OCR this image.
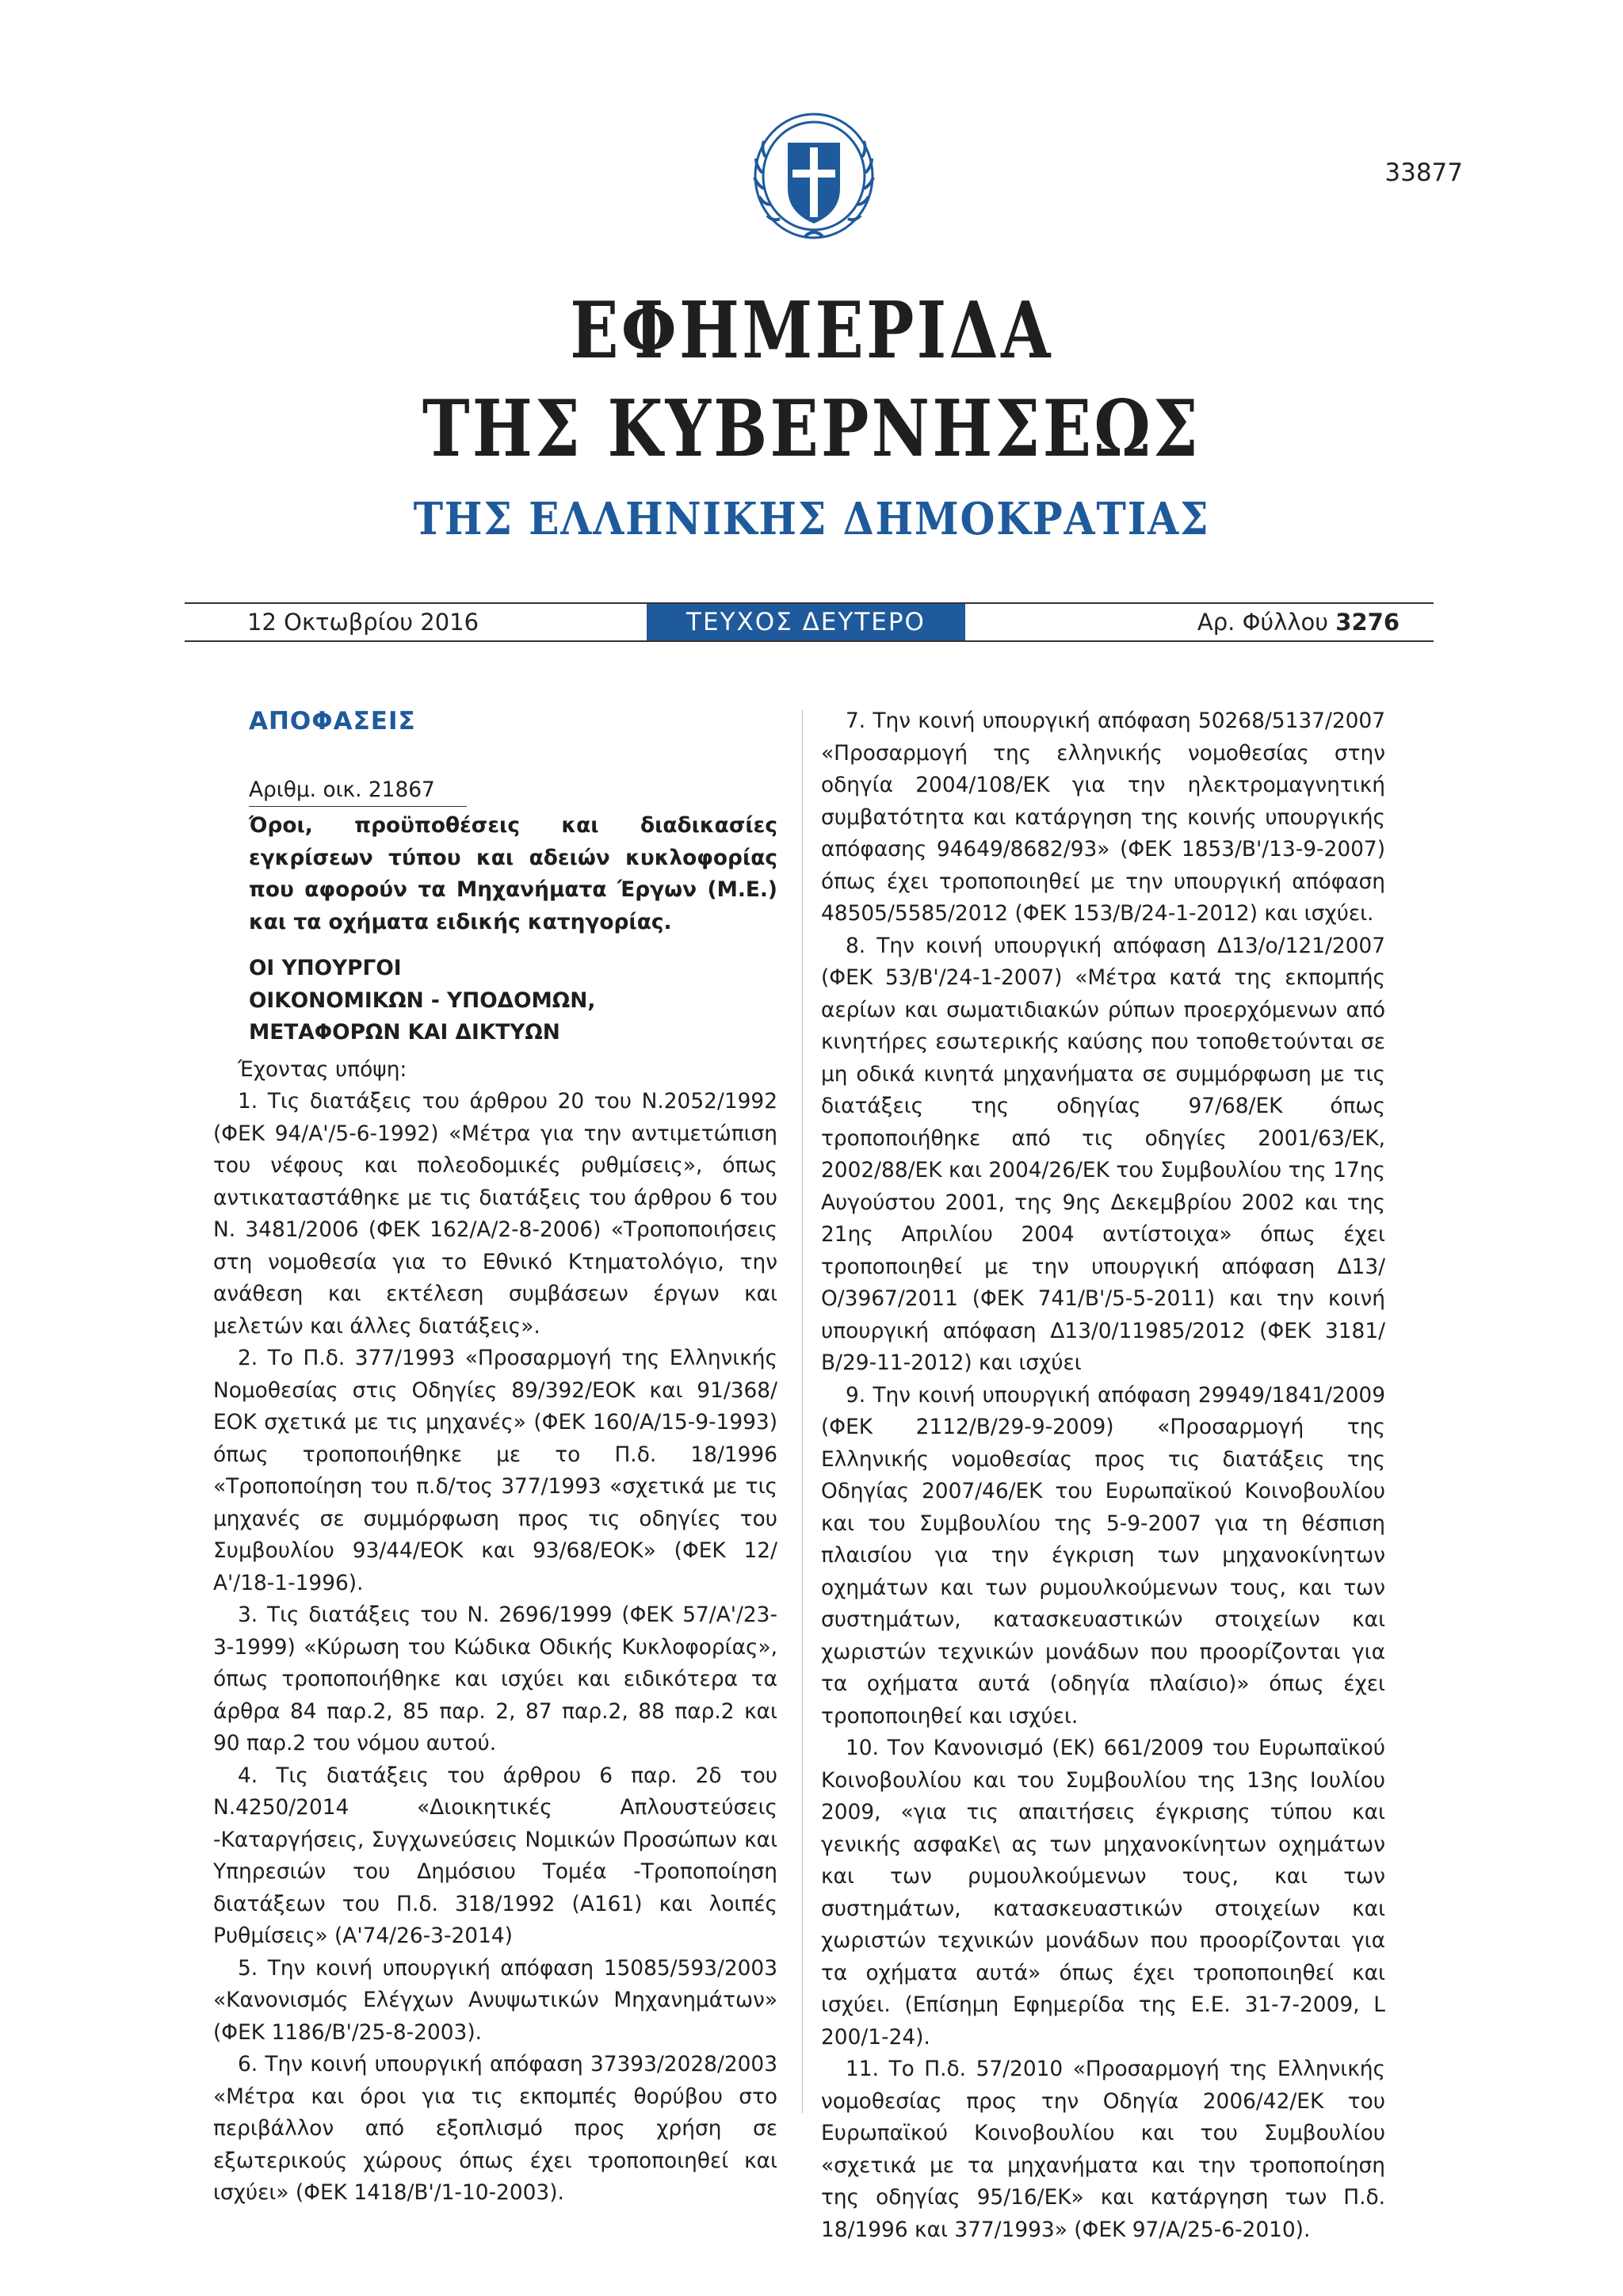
33877
ΕΦΗΜΕΡΙΔΑ
ΤΗΣ ΚΥΒΕΡΝΗΣΕΩΣ
ΤΗΣ ΕΛΛΗΝΙΚΗΣ ΔΗΜΟΚΡΑΤΙΑΣ
12 Οκτωβρίου 2016	ΤΕΥΧΟΣ ΔΕΥΤΕΡΟ	Αρ. Φύλλου 3276
ΑΠΟΦΑΣΕΙΣ
Αριθμ. οικ. 21867
Όροι, προϋποθέσεις και διαδικασίες εγκρίσεων τύπου και αδειών κυκλοφορίας που αφορούν τα Μηχανήματα Έργων (Μ.Ε.) και τα οχήματα ειδικής κατηγορίας.
ΟΙ ΥΠΟΥΡΓΟΙ
ΟΙΚΟΝΟΜΙΚΩΝ - ΥΠΟΔΟΜΩΝ,
ΜΕΤΑΦΟΡΩΝ ΚΑΙ ΔΙΚΤΥΩΝ

Έχοντας υπόψη:

1. Τις διατάξεις του άρθρου 20 του Ν.2052/1992 (ΦΕΚ 94/Α'/5-6-1992) «Μέτρα για την αντιμετώπιση του νέφους και πολεοδομικές ρυθμίσεις», όπως αντικαταστάθηκε με τις διατάξεις του άρθρου 6 του Ν. 3481/2006 (ΦΕΚ 162/Α/2-8-2006) «Τροποποιήσεις στη νομοθεσία για το Εθνικό Κτηματολόγιο, την ανάθεση και εκτέλεση συμβάσεων έργων και μελετών και άλλες διατάξεις».

2. Το Π.δ. 377/1993 «Προσαρμογή της Ελληνικής Νομοθεσίας στις Οδηγίες 89/392/ΕΟΚ και 91/368/ΕΟΚ σχετικά με τις μηχανές» (ΦΕΚ 160/Α/15-9-1993) όπως τροποποιήθηκε με το Π.δ. 18/1996 «Τροποποίηση του π.δ/τος 377/1993 «σχετικά με τις μηχανές σε συμμόρφωση προς τις οδηγίες του Συμβουλίου 93/44/ΕΟΚ και 93/68/ΕΟΚ» (ΦΕΚ 12/Α'/18-1-1996).

3. Τις διατάξεις του Ν. 2696/1999 (ΦΕΚ 57/Α'/23-3-1999) «Κύρωση του Κώδικα Οδικής Κυκλοφορίας», όπως τροποποιήθηκε και ισχύει και ειδικότερα τα άρθρα 84 παρ.2, 85 παρ. 2, 87 παρ.2, 88 παρ.2 και 90 παρ.2 του νόμου αυτού.

4. Τις διατάξεις του άρθρου 6 παρ. 2δ του Ν.4250/2014 «Διοικητικές Απλουστεύσεις -Καταργήσεις, Συγχωνεύσεις Νομικών Προσώπων και Υπηρεσιών του Δημόσιου Τομέα -Τροποποίηση διατάξεων του Π.δ. 318/1992 (Α161) και λοιπές Ρυθμίσεις» (Α'74/26-3-2014)

5. Την κοινή υπουργική απόφαση 15085/593/2003 «Κανονισμός Ελέγχων Ανυψωτικών Μηχανημάτων» (ΦΕΚ 1186/Β'/25-8-2003).

6. Την κοινή υπουργική απόφαση 37393/2028/2003 «Μέτρα και όροι για τις εκπομπές θορύβου στο περιβάλλον από εξοπλισμό προς χρήση σε εξωτερικούς χώρους όπως έχει τροποποιηθεί και ισχύει» (ΦΕΚ 1418/Β'/1-10-2003).

7. Την κοινή υπουργική απόφαση 50268/5137/2007 «Προσαρμογή της ελληνικής νομοθεσίας στην οδηγία 2004/108/ΕΚ για την ηλεκτρομαγνητική συμβατότητα και κατάργηση της κοινής υπουργικής απόφασης 94649/8682/93» (ΦΕΚ 1853/Β'/13-9-2007) όπως έχει τροποποιηθεί με την υπουργική απόφαση 48505/5585/2012 (ΦΕΚ 153/Β/24-1-2012) και ισχύει.

8. Την κοινή υπουργική απόφαση Δ13/ο/121/2007 (ΦΕΚ 53/Β'/24-1-2007) «Μέτρα κατά της εκπομπής αερίων και σωματιδιακών ρύπων προερχόμενων από κινητήρες εσωτερικής καύσης που τοποθετούνται σε μη οδικά κινητά μηχανήματα σε συμμόρφωση με τις διατάξεις της οδηγίας 97/68/ΕΚ όπως τροποποιήθηκε από τις οδηγίες 2001/63/ΕΚ, 2002/88/ΕΚ και 2004/26/ΕΚ του Συμβουλίου της 17ης Αυγούστου 2001, της 9ης Δεκεμβρίου 2002 και της 21ης Απριλίου 2004 αντίστοιχα» όπως έχει τροποποιηθεί με την υπουργική απόφαση Δ13/Ο/3967/2011 (ΦΕΚ 741/Β'/5-5-2011) και την κοινή υπουργική απόφαση Δ13/0/11985/2012 (ΦΕΚ 3181/Β/29-11-2012) και ισχύει

9. Την κοινή υπουργική απόφαση 29949/1841/2009 (ΦΕΚ 2112/Β/29-9-2009) «Προσαρμογή της Ελληνικής νομοθεσίας προς τις διατάξεις της Οδηγίας 2007/46/ΕΚ του Ευρωπαϊκού Κοινοβουλίου και του Συμβουλίου της 5-9-2007 για τη θέσπιση πλαισίου για την έγκριση των μηχανοκίνητων οχημάτων και των ρυμουλκούμενων τους, και των συστημάτων, κατασκευαστικών στοιχείων και χωριστών τεχνικών μονάδων που προορίζονται για τα οχήματα αυτά (οδηγία πλαίσιο)» όπως έχει τροποποιηθεί και ισχύει.

10. Τον Κανονισμό (ΕΚ) 661/2009 του Ευρωπαϊκού Κοινοβουλίου και του Συμβουλίου της 13ης Ιουλίου 2009, «για τις απαιτήσεις έγκρισης τύπου και γενικής ασφαΚε\ ας των μηχανοκίνητων οχημάτων και των ρυμουλκούμενων τους, και των συστημάτων, κατασκευαστικών στοιχείων και χωριστών τεχνικών μονάδων που προορίζονται για τα οχήματα αυτά» όπως έχει τροποποιηθεί και ισχύει. (Επίσημη Εφημερίδα της Ε.Ε. 31-7-2009, L 200/1-24).

11. Το Π.δ. 57/2010 «Προσαρμογή της Ελληνικής νομοθεσίας προς την Οδηγία 2006/42/ΕΚ του Ευρωπαϊκού Κοινοβουλίου και του Συμβουλίου «σχετικά με τα μηχανήματα και την τροποποίηση της οδηγίας 95/16/ΕΚ» και κατάργηση των Π.δ. 18/1996 και 377/1993» (ΦΕΚ 97/Α/25-6-2010).
